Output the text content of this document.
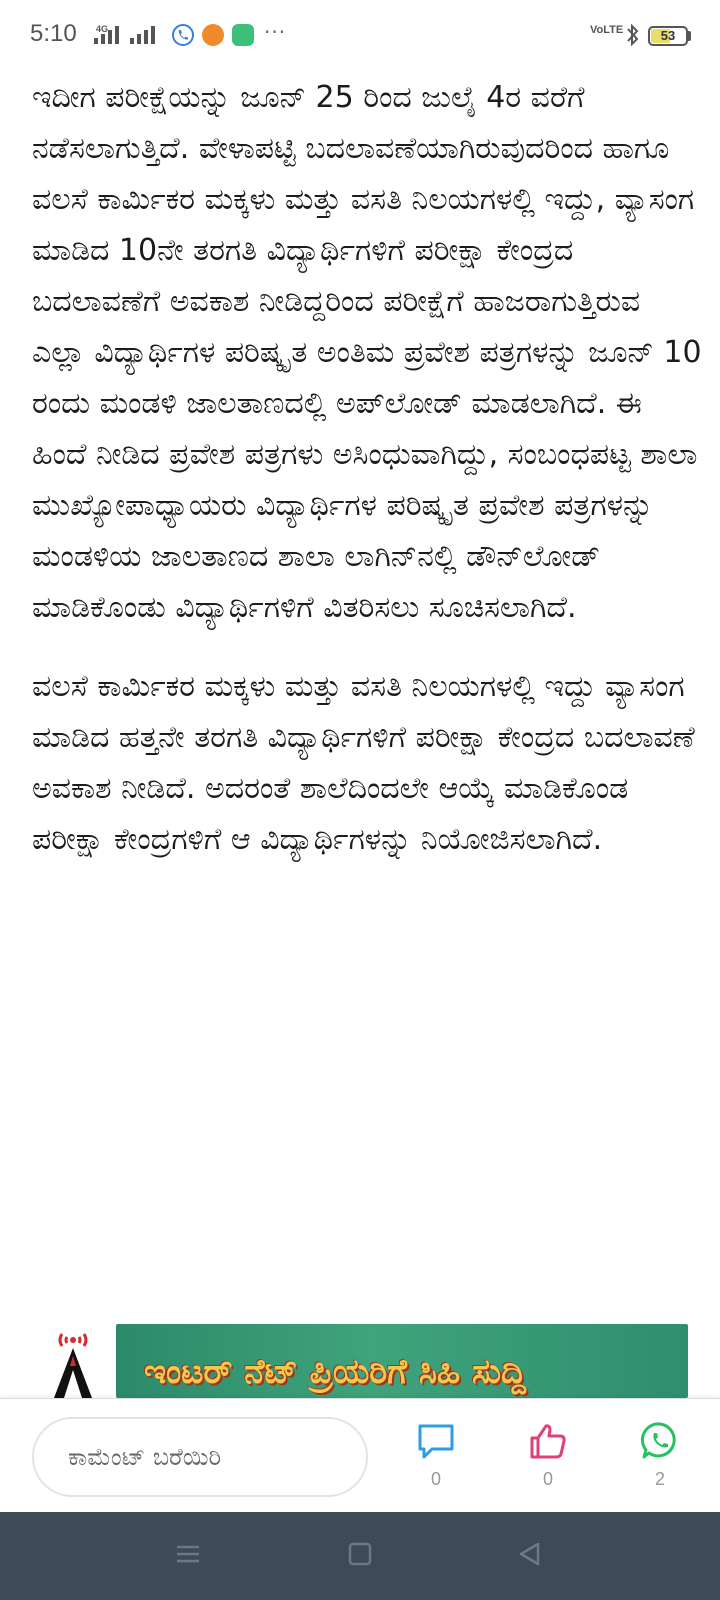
5:10 4G	···	VoLTE	53

ಇದೀಗ ಪರೀಕ್ಷೆಯನ್ನು ಜೂನ್ 25 ರಿಂದ ಜುಲೈ 4ರ ವರೆಗೆ ನಡೆಸಲಾಗುತ್ತಿದೆ. ವೇಳಾಪಟ್ಟಿ ಬದಲಾವಣೆಯಾಗಿರುವುದರಿಂದ ಹಾಗೂ ವಲಸೆ ಕಾರ್ಮಿಕರ ಮಕ್ಕಳು ಮತ್ತು ವಸತಿ ನಿಲಯಗಳಲ್ಲಿ ಇದ್ದು, ವ್ಯಾಸಂಗ ಮಾಡಿದ 10ನೇ ತರಗತಿ ವಿದ್ಯಾರ್ಥಿಗಳಿಗೆ ಪರೀಕ್ಷಾ ಕೇಂದ್ರದ ಬದಲಾವಣೆಗೆ ಅವಕಾಶ ನೀಡಿದ್ದರಿಂದ ಪರೀಕ್ಷೆಗೆ ಹಾಜರಾಗುತ್ತಿರುವ ಎಲ್ಲಾ ವಿದ್ಯಾರ್ಥಿಗಳ ಪರಿಷ್ಕೃತ ಅಂತಿಮ ಪ್ರವೇಶ ಪತ್ರಗಳನ್ನು ಜೂನ್ 10 ರಂದು ಮಂಡಳಿ ಜಾಲತಾಣದಲ್ಲಿ ಅಪ್‌ಲೋಡ್ ಮಾಡಲಾಗಿದೆ. ಈ ಹಿಂದೆ ನೀಡಿದ ಪ್ರವೇಶ ಪತ್ರಗಳು ಅಸಿಂಧುವಾಗಿದ್ದು, ಸಂಬಂಧಪಟ್ಟ ಶಾಲಾ ಮುಖ್ಯೋಪಾಧ್ಯಾಯರು ವಿದ್ಯಾರ್ಥಿಗಳ ಪರಿಷ್ಕೃತ ಪ್ರವೇಶ ಪತ್ರಗಳನ್ನು ಮಂಡಳಿಯ ಜಾಲತಾಣದ ಶಾಲಾ ಲಾಗಿನ್‌ನಲ್ಲಿ ಡೌನ್‌ಲೋಡ್ ಮಾಡಿಕೊಂಡು ವಿದ್ಯಾರ್ಥಿಗಳಿಗೆ ವಿತರಿಸಲು ಸೂಚಿಸಲಾಗಿದೆ.

ವಲಸೆ ಕಾರ್ಮಿಕರ ಮಕ್ಕಳು ಮತ್ತು ವಸತಿ ನಿಲಯಗಳಲ್ಲಿ ಇದ್ದು ವ್ಯಾಸಂಗ ಮಾಡಿದ ಹತ್ತನೇ ತರಗತಿ ವಿದ್ಯಾರ್ಥಿಗಳಿಗೆ ಪರೀಕ್ಷಾ ಕೇಂದ್ರದ ಬದಲಾವಣೆ ಅವಕಾಶ ನೀಡಿದೆ. ಅದರಂತೆ ಶಾಲೆದಿಂದಲೇ ಆಯ್ಕೆ ಮಾಡಿಕೊಂಡ ಪರೀಕ್ಷಾ ಕೇಂದ್ರಗಳಿಗೆ ಆ ವಿದ್ಯಾರ್ಥಿಗಳನ್ನು ನಿಯೋಜಿಸಲಾಗಿದೆ.

ಇಂಟರ್ ನೆಟ್ ಪ್ರಿಯರಿಗೆ ಸಿಹಿ ಸುದ್ದಿ
ಕಾಮೆಂಟ್ ಬರೆಯಿರಿ
0	0	2
